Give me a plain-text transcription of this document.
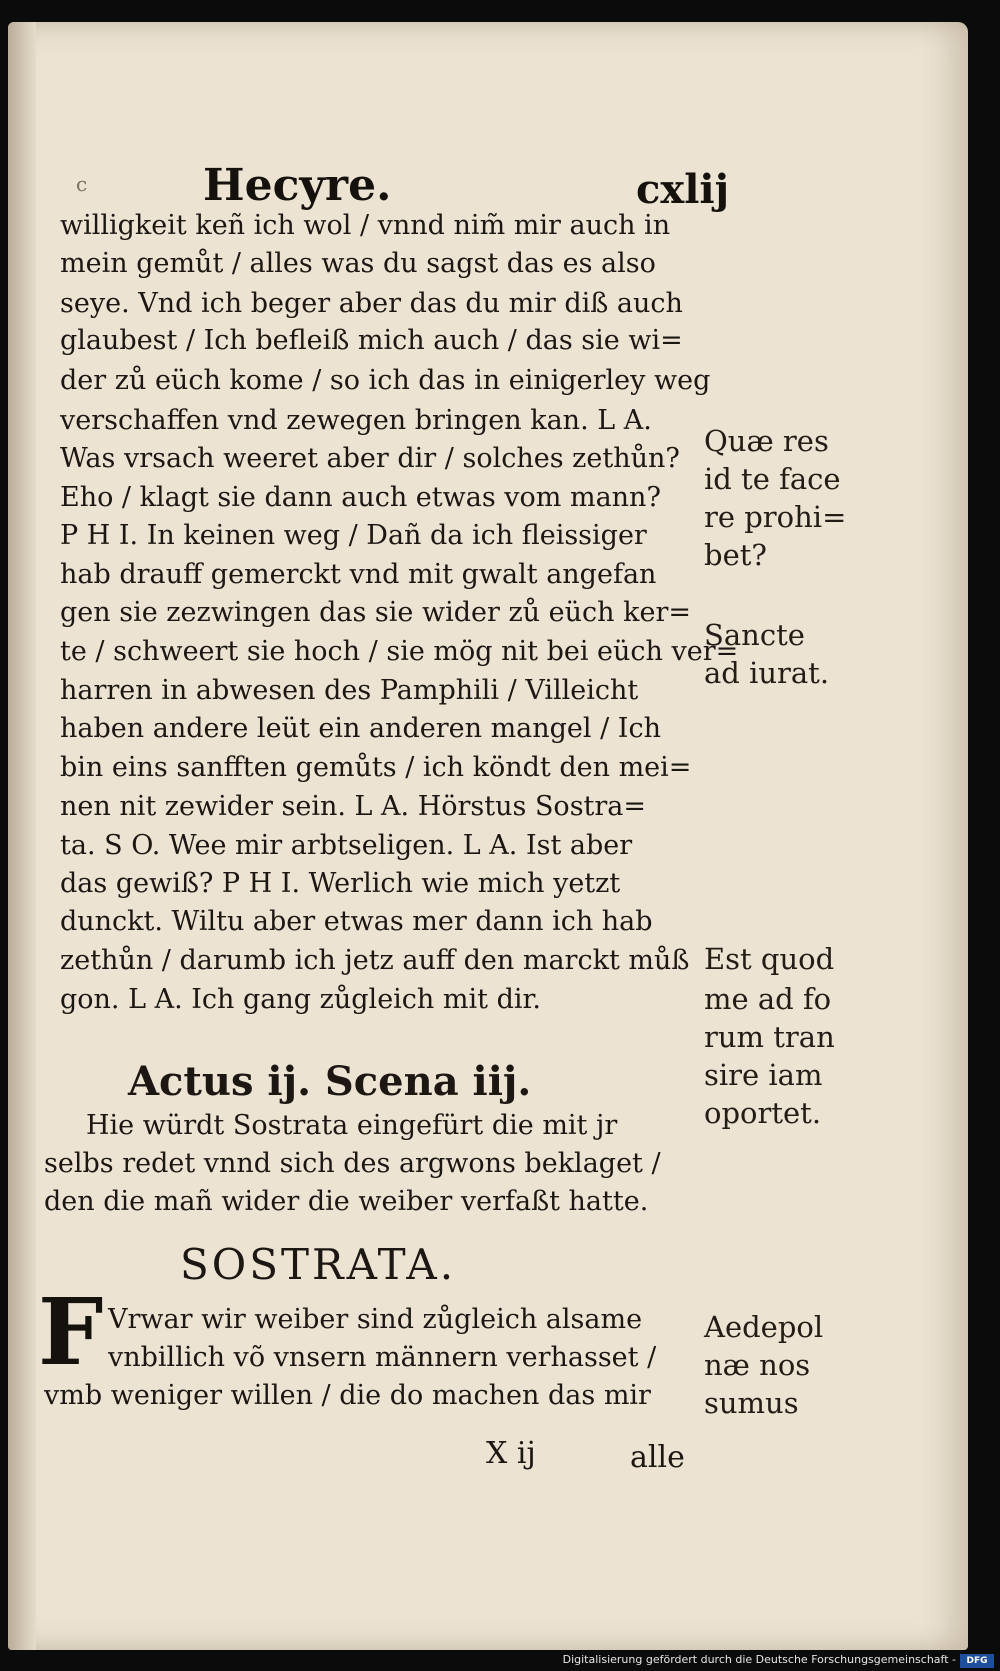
c	Hecyre.	cxlij
willigkeit keñ ich wol / vnnd nim̃ mir auch in
mein gemůt / alles was du sagst das es also
seye. Vnd ich beger aber das du mir diß auch
glaubest / Ich befleiß mich auch / das sie wi=
der zů eüch kome / so ich das in einigerley weg
verschaffen vnd zewegen bringen kan. L A.
Was vrsach weeret aber dir / solches zethůn?
Eho / klagt sie dann auch etwas vom mann?
P H I. In keinen weg / Dañ da ich fleissiger
hab drauff gemerckt vnd mit gwalt angefan
gen sie zezwingen das sie wider zů eüch ker=
te / schweert sie hoch / sie mög nit bei eüch ver=
harren in abwesen des Pamphili / Villeicht
haben andere leüt ein anderen mangel / Ich
bin eins sanfften gemůts / ich köndt den mei=
nen nit zewider sein. L A. Hörstus Sostra=
ta. S O. Wee mir arbtseligen. L A. Ist aber
das gewiß? P H I. Werlich wie mich yetzt
dunckt. Wiltu aber etwas mer dann ich hab
zethůn / darumb ich jetz auff den marckt můß
gon. L A. Ich gang zůgleich mit dir.
Actus ij. Scena iij.
Hie würdt Sostrata eingefürt die mit jr
selbs redet vnnd sich des argwons beklaget /
den die mañ wider die weiber verfaßt hatte.
SOSTRATA.
F Vrwar wir weiber sind zůgleich alsame
vnbillich võ vnsern männern verhasset /
vmb weniger willen / die do machen das mir
X ij	alle
Quæ res
id te face
re prohi=
bet?
Sancte
ad iurat.
Est quod
me ad fo
rum tran
sire iam
oportet.
Aedepol
næ nos
sumus
Digitalisierung gefördert durch die Deutsche Forschungsgemeinschaft -	DFG
